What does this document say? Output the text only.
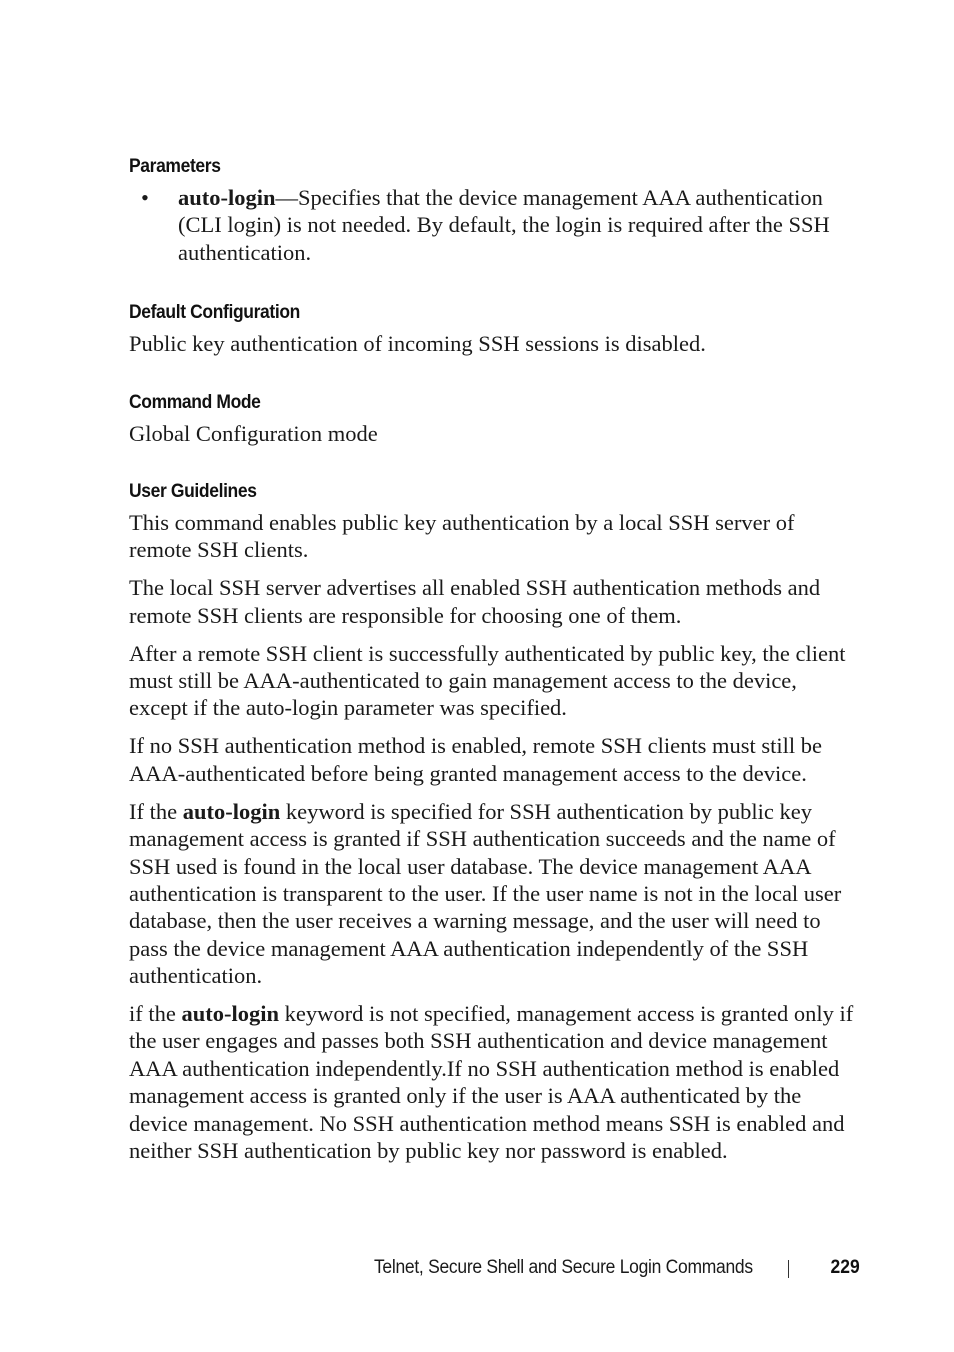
Parameters
• auto-login—Specifies that the device management AAA authentication (CLI login) is not needed. By default, the login is required after the SSH authentication.
Default Configuration

Public key authentication of incoming SSH sessions is disabled.

Command Mode

Global Configuration mode

User Guidelines

This command enables public key authentication by a local SSH server of remote SSH clients.

The local SSH server advertises all enabled SSH authentication methods and remote SSH clients are responsible for choosing one of them.

After a remote SSH client is successfully authenticated by public key, the client must still be AAA-authenticated to gain management access to the device, except if the auto-login parameter was specified.

If no SSH authentication method is enabled, remote SSH clients must still be AAA-authenticated before being granted management access to the device.

If the auto-login keyword is specified for SSH authentication by public key management access is granted if SSH authentication succeeds and the name of SSH used is found in the local user database. The device management AAA authentication is transparent to the user. If the user name is not in the local user database, then the user receives a warning message, and the user will need to pass the device management AAA authentication independently of the SSH authentication.

if the auto-login keyword is not specified, management access is granted only if the user engages and passes both SSH authentication and device management AAA authentication independently.If no SSH authentication method is enabled management access is granted only if the user is AAA authenticated by the device management. No SSH authentication method means SSH is enabled and neither SSH authentication by public key nor password is enabled.

Telnet, Secure Shell and Secure Login Commands	229
